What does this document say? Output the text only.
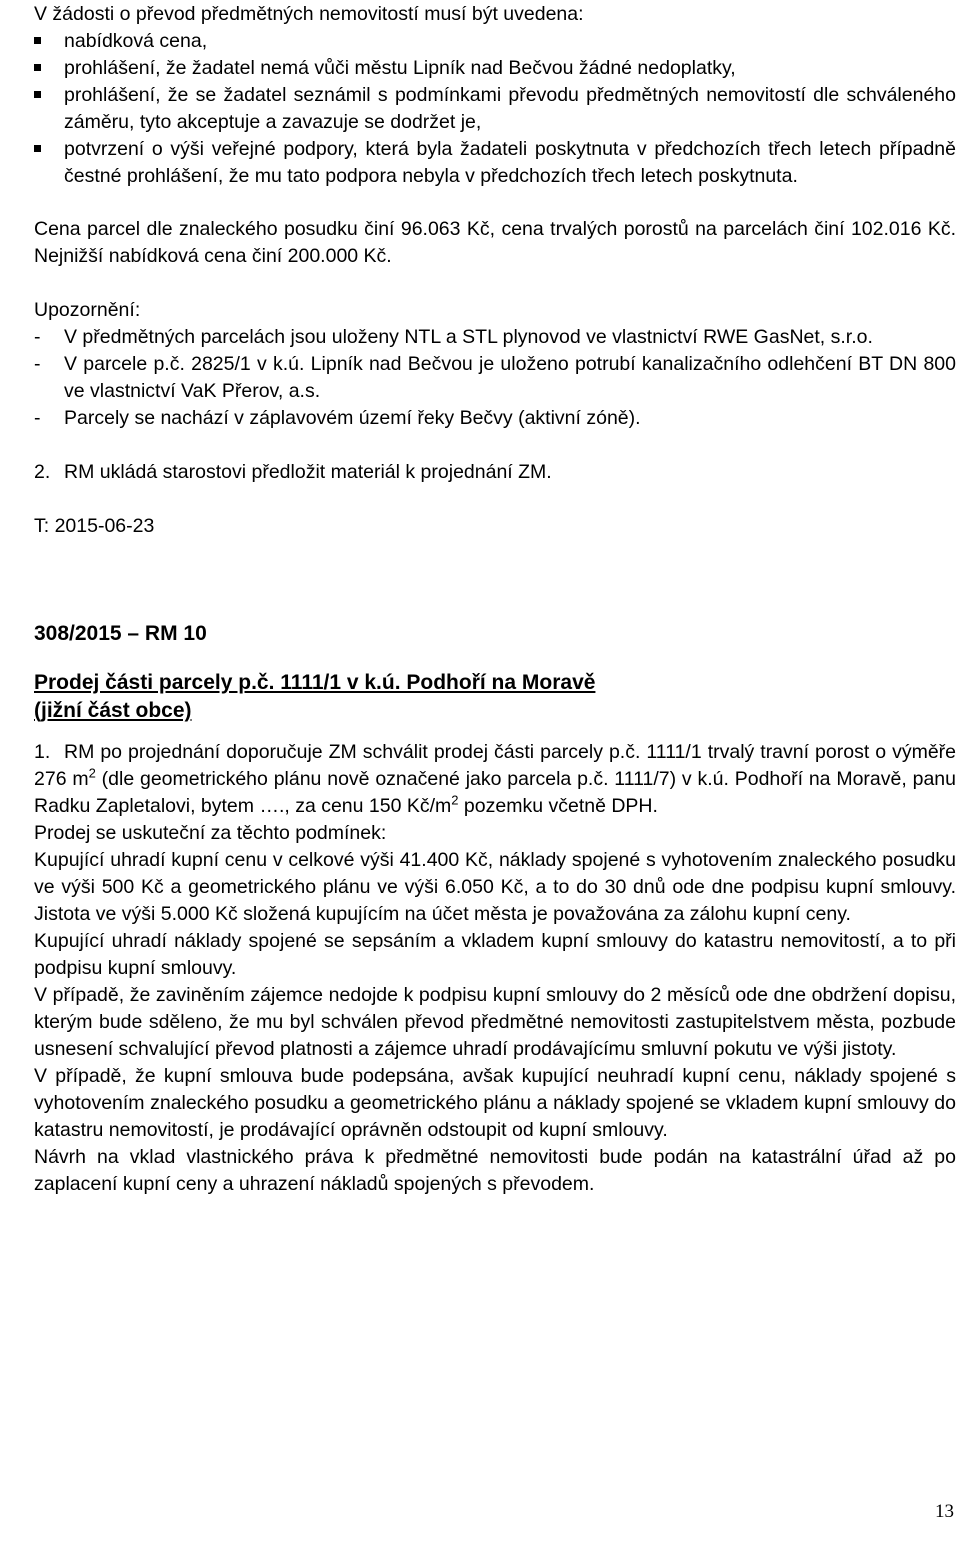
V žádosti o převod předmětných nemovitostí musí být uvedena:

nabídková cena,
prohlášení, že žadatel nemá vůči městu Lipník nad Bečvou žádné nedoplatky,
prohlášení, že se žadatel seznámil s podmínkami převodu předmětných nemovitostí dle schváleného záměru, tyto akceptuje a zavazuje se dodržet je,
potvrzení o výši veřejné podpory, která byla žadateli poskytnuta v předchozích třech letech případně čestné prohlášení, že mu tato podpora nebyla v předchozích třech letech poskytnuta.

Cena parcel dle znaleckého posudku činí 96.063 Kč, cena trvalých porostů na parcelách činí 102.016 Kč. Nejnižší nabídková cena činí 200.000 Kč.

Upozornění:

- V předmětných parcelách jsou uloženy NTL a STL plynovod ve vlastnictví RWE GasNet, s.r.o.
- V parcele p.č. 2825/1 v k.ú. Lipník nad Bečvou je uloženo potrubí kanalizačního odlehčení BT DN 800 ve vlastnictví VaK Přerov, a.s.
- Parcely se nachází v záplavovém území řeky Bečvy (aktivní zóně).

2. RM ukládá starostovi předložit materiál k projednání ZM.

T: 2015-06-23

308/2015 – RM 10

Prodej části parcely p.č. 1111/1 v k.ú. Podhoří na Moravě
(jižní část obce)

1. RM po projednání doporučuje ZM schválit prodej části parcely p.č. 1111/1 trvalý travní porost o výměře 276 $m^2$ (dle geometrického plánu nově označené jako parcela p.č. 1111/7) v k.ú. Podhoří na Moravě, panu Radku Zapletalovi, bytem …., za cenu 150 $Kč/m^2$ pozemku včetně DPH.

Prodej se uskuteční za těchto podmínek:

Kupující uhradí kupní cenu v celkové výši 41.400 Kč, náklady spojené s vyhotovením znaleckého posudku ve výši 500 Kč a geometrického plánu ve výši 6.050 Kč, a to do 30 dnů ode dne podpisu kupní smlouvy. Jistota ve výši 5.000 Kč složená kupujícím na účet města je považována za zálohu kupní ceny.

Kupující uhradí náklady spojené se sepsáním a vkladem kupní smlouvy do katastru nemovitostí, a to při podpisu kupní smlouvy.

V případě, že zaviněním zájemce nedojde k podpisu kupní smlouvy do 2 měsíců ode dne obdržení dopisu, kterým bude sděleno, že mu byl schválen převod předmětné nemovitosti zastupitelstvem města, pozbude usnesení schvalující převod platnosti a zájemce uhradí prodávajícímu smluvní pokutu ve výši jistoty.

V případě, že kupní smlouva bude podepsána, avšak kupující neuhradí kupní cenu, náklady spojené s vyhotovením znaleckého posudku a geometrického plánu a náklady spojené se vkladem kupní smlouvy do katastru nemovitostí, je prodávající oprávněn odstoupit od kupní smlouvy.

Návrh na vklad vlastnického práva k předmětné nemovitosti bude podán na katastrální úřad až po zaplacení kupní ceny a uhrazení nákladů spojených s převodem.

13
